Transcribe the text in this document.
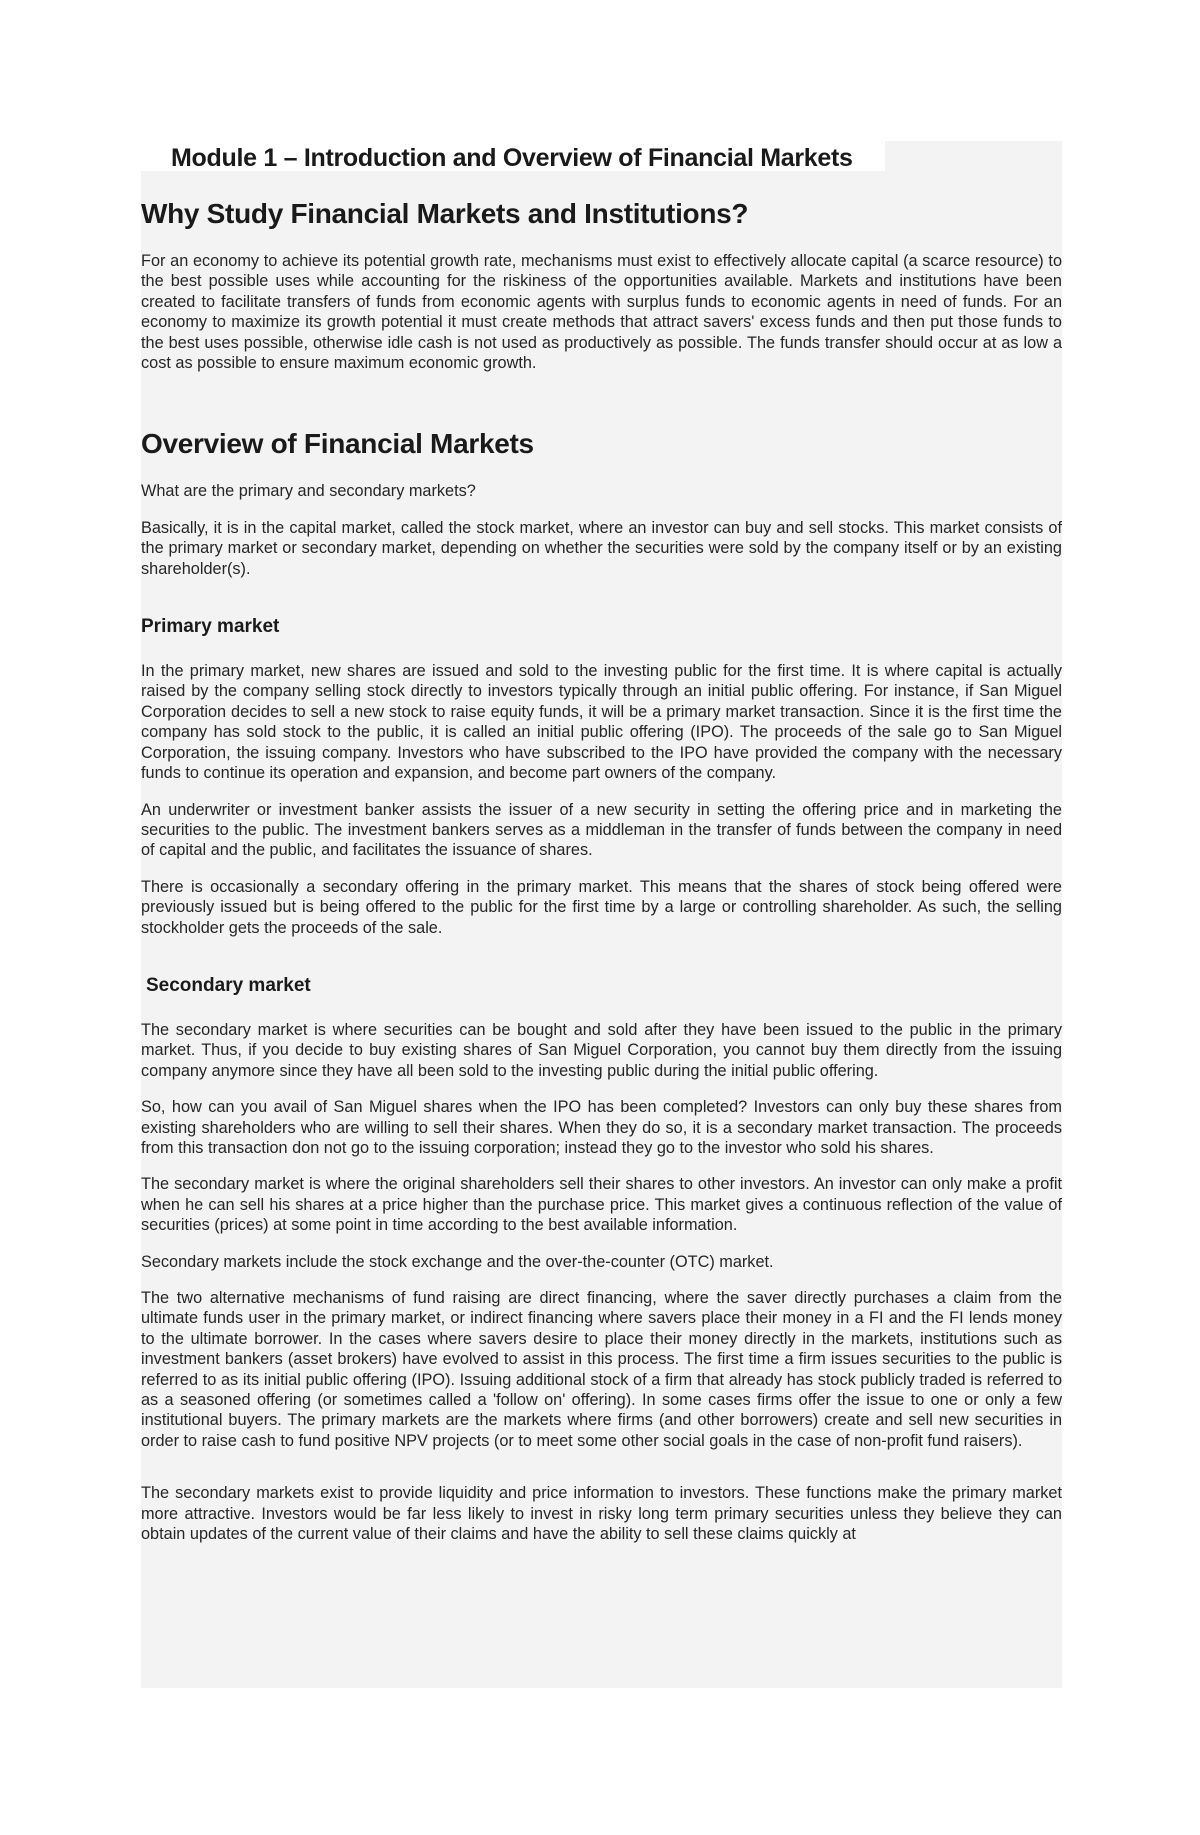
Module 1 – Introduction and Overview of Financial Markets
Why Study Financial Markets and Institutions?

For an economy to achieve its potential growth rate, mechanisms must exist to effectively allocate capital (a scarce resource) to the best possible uses while accounting for the riskiness of the opportunities available. Markets and institutions have been created to facilitate transfers of funds from economic agents with surplus funds to economic agents in need of funds. For an economy to maximize its growth potential it must create methods that attract savers' excess funds and then put those funds to the best uses possible, otherwise idle cash is not used as productively as possible. The funds transfer should occur at as low a cost as possible to ensure maximum economic growth.

Overview of Financial Markets

What are the primary and secondary markets?

Basically, it is in the capital market, called the stock market, where an investor can buy and sell stocks. This market consists of the primary market or secondary market, depending on whether the securities were sold by the company itself or by an existing shareholder(s).

Primary market

In the primary market, new shares are issued and sold to the investing public for the first time. It is where capital is actually raised by the company selling stock directly to investors typically through an initial public offering. For instance, if San Miguel Corporation decides to sell a new stock to raise equity funds, it will be a primary market transaction. Since it is the first time the company has sold stock to the public, it is called an initial public offering (IPO). The proceeds of the sale go to San Miguel Corporation, the issuing company. Investors who have subscribed to the IPO have provided the company with the necessary funds to continue its operation and expansion, and become part owners of the company.

An underwriter or investment banker assists the issuer of a new security in setting the offering price and in marketing the securities to the public. The investment bankers serves as a middleman in the transfer of funds between the company in need of capital and the public, and facilitates the issuance of shares.

There is occasionally a secondary offering in the primary market. This means that the shares of stock being offered were previously issued but is being offered to the public for the first time by a large or controlling shareholder. As such, the selling stockholder gets the proceeds of the sale.

Secondary market

The secondary market is where securities can be bought and sold after they have been issued to the public in the primary market. Thus, if you decide to buy existing shares of San Miguel Corporation, you cannot buy them directly from the issuing company anymore since they have all been sold to the investing public during the initial public offering.

So, how can you avail of San Miguel shares when the IPO has been completed? Investors can only buy these shares from existing shareholders who are willing to sell their shares. When they do so, it is a secondary market transaction. The proceeds from this transaction don not go to the issuing corporation; instead they go to the investor who sold his shares.

The secondary market is where the original shareholders sell their shares to other investors. An investor can only make a profit when he can sell his shares at a price higher than the purchase price. This market gives a continuous reflection of the value of securities (prices) at some point in time according to the best available information.

Secondary markets include the stock exchange and the over-the-counter (OTC) market.

The two alternative mechanisms of fund raising are direct financing, where the saver directly purchases a claim from the ultimate funds user in the primary market, or indirect financing where savers place their money in a FI and the FI lends money to the ultimate borrower. In the cases where savers desire to place their money directly in the markets, institutions such as investment bankers (asset brokers) have evolved to assist in this process. The first time a firm issues securities to the public is referred to as its initial public offering (IPO). Issuing additional stock of a firm that already has stock publicly traded is referred to as a seasoned offering (or sometimes called a 'follow on' offering). In some cases firms offer the issue to one or only a few institutional buyers. The primary markets are the markets where firms (and other borrowers) create and sell new securities in order to raise cash to fund positive NPV projects (or to meet some other social goals in the case of non-profit fund raisers).

The secondary markets exist to provide liquidity and price information to investors. These functions make the primary market more attractive. Investors would be far less likely to invest in risky long term primary securities unless they believe they can obtain updates of the current value of their claims and have the ability to sell these claims quickly at
